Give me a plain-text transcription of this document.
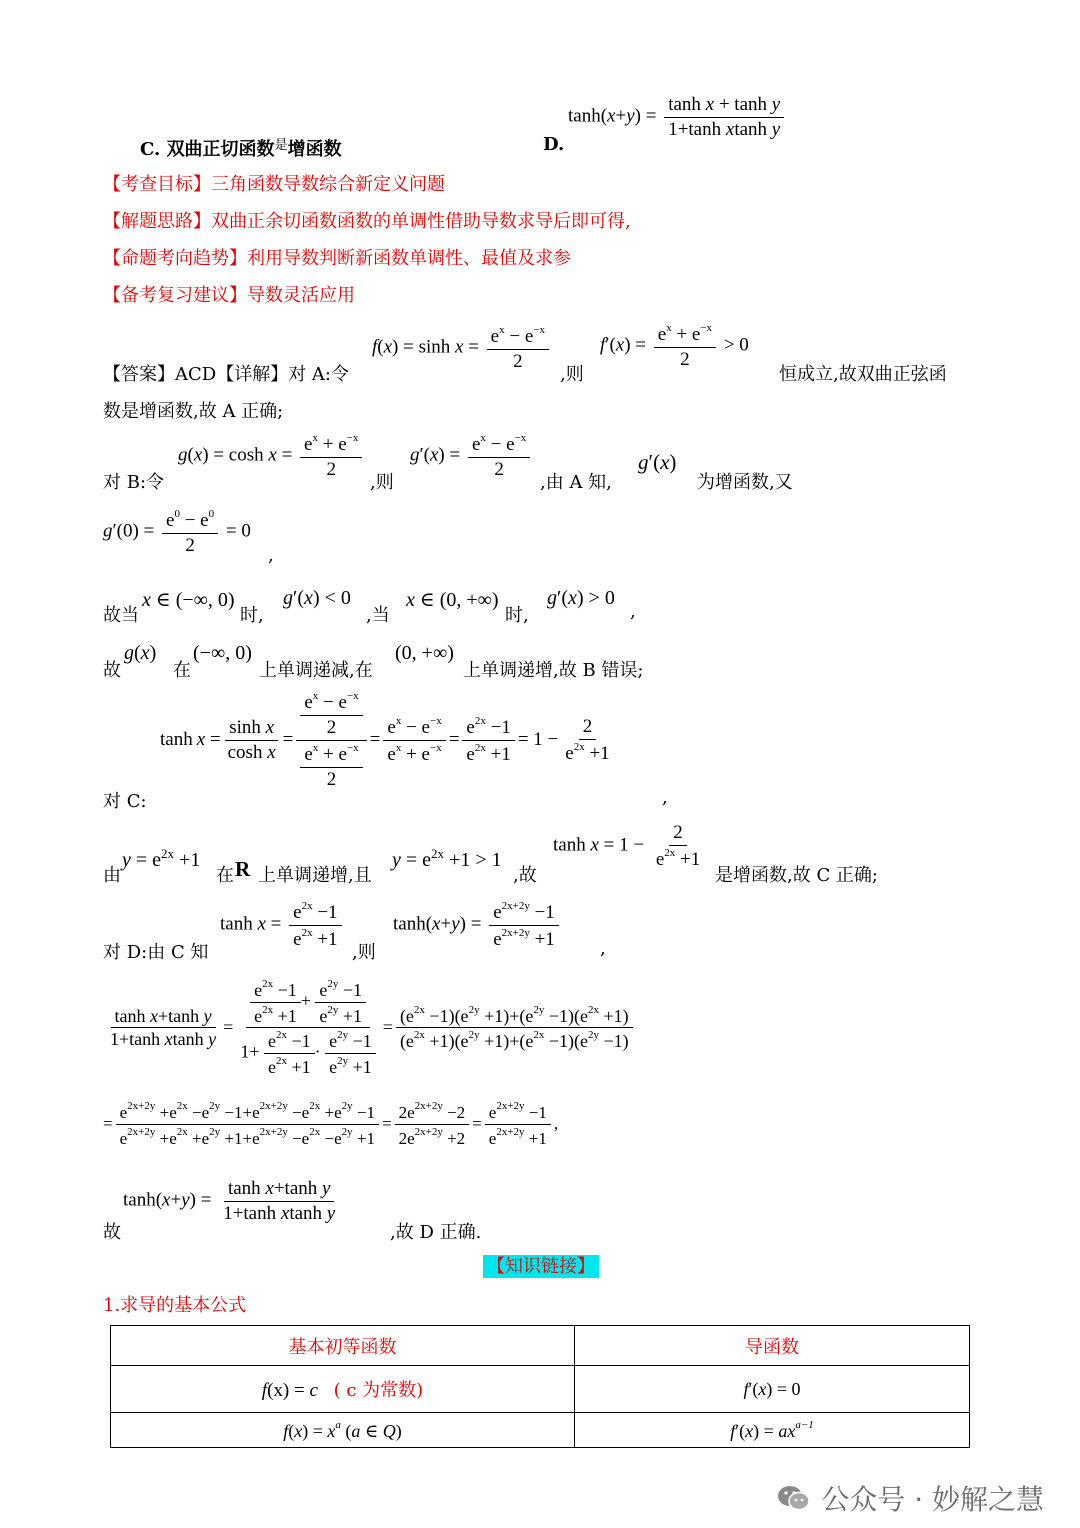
C. 双曲正切函数$^是$增函数	D.
$\tanh(x+y) = \frac{\text{tanh x + tanh y}}{\text{1+tanh xtanh y}}$
【考查目标】三角函数导数综合新定义问题
【解题思路】双曲正余切函数函数的单调性借助导数求导后即可得,
【命题考向趋势】利用导数判断新函数单调性、最值及求参
【备考复习建议】导数灵活应用
【答案】ACD【详解】对 A:令
$f(x) = \sinh x = \frac{e^x - e^{-x}}{2}$
,则
$f'(x) = \frac{e^x + e^{-x}}{2} > 0$
恒成立,故双曲正弦函
数是增函数,故 A 正确;
对 B:令
$g(x) = \cosh x = \frac{e^x + e^{-x}}{2}$
,则
$g'(x) = \frac{e^x - e^{-x}}{2}$
,由 A 知,
g′(x)
为增函数,又
$g'(0) = \frac{e^0 - e^0}{2} = 0$
,
故当
x ∈ (−∞, 0)
时,
g′(x) < 0
,当
x ∈ (0, +∞)
时,
g′(x) > 0
,
故
g(x)
在
(−∞, 0)
上单调递减,在
(0, +∞)
上单调递增,故 B 错误;
$\tanh x = \frac{\text{sinh x}}{\text{cosh x}} = \frac{\frac{e^x - e^{-x}}{2}}{\frac{e^x + e^{-x}}{2}} = \frac{e^x - e^{-x}}{e^x + e^{-x}} = \frac{e^{2x} -1}{e^{2x} +1} = 1 - \frac{2}{e^{2x} +1}$
对 C:	,
由
$y = e^{2x} +1$
在 R 上单调递增,且
$y = e^{2x} +1 > 1$
,故
$\tanh x = 1 - \frac{2}{e^{2x} +1}$
是增函数,故 C 正确;
对 D:由 C 知
$\tanh x = \frac{e^{2x} -1}{e^{2x} +1}$
,则
$\tanh(x+y) = \frac{e^{2x+2y} -1}{e^{2x+2y} +1}$ ,
$\frac{\text{tanh x+tanh y}}{\text{1+tanh xtanh y}} = \frac{\frac{e^{2x} -1}{e^{2x} +1} + \frac{e^{2y} -1}{e^{2y} +1}}{1+ \frac{e^{2x} -1}{e^{2x} +1} \cdot \frac{e^{2y} -1}{e^{2y} +1}} = \frac{(e^{2x} -1)(e^{2y} +1)+(e^{2y} -1)(e^{2x} +1)}{(e^{2x} +1)(e^{2y} +1)+(e^{2x} -1)(e^{2y} -1)}$
= $\frac{e^{2x+2y} +e^{2x} -e^{2y} -1+e^{2x+2y} -e^{2x} +e^{2y} -1}{e^{2x+2y} +e^{2x} +e^{2y} +1+e^{2x+2y} -e^{2x} -e^{2y} +1} = \frac{2e^{2x+2y} -2}{2e^{2x+2y} +2} = \frac{e^{2x+2y} -1}{e^{2x+2y} +1}$ ,
故
$\tanh(x+y) = \frac{\text{tanh x+tanh y}}{\text{1+tanh xtanh y}}$
,故 D 正确.
【知识链接】
1.求导的基本公式
基本初等函数	导函数
f(x) = c ( c 为常数)	f′(x) = 0
$f(x) = x^a$ (a ∈ Q)	$f'(x) = ax^{a-1}$
公众号 · 妙解之慧
